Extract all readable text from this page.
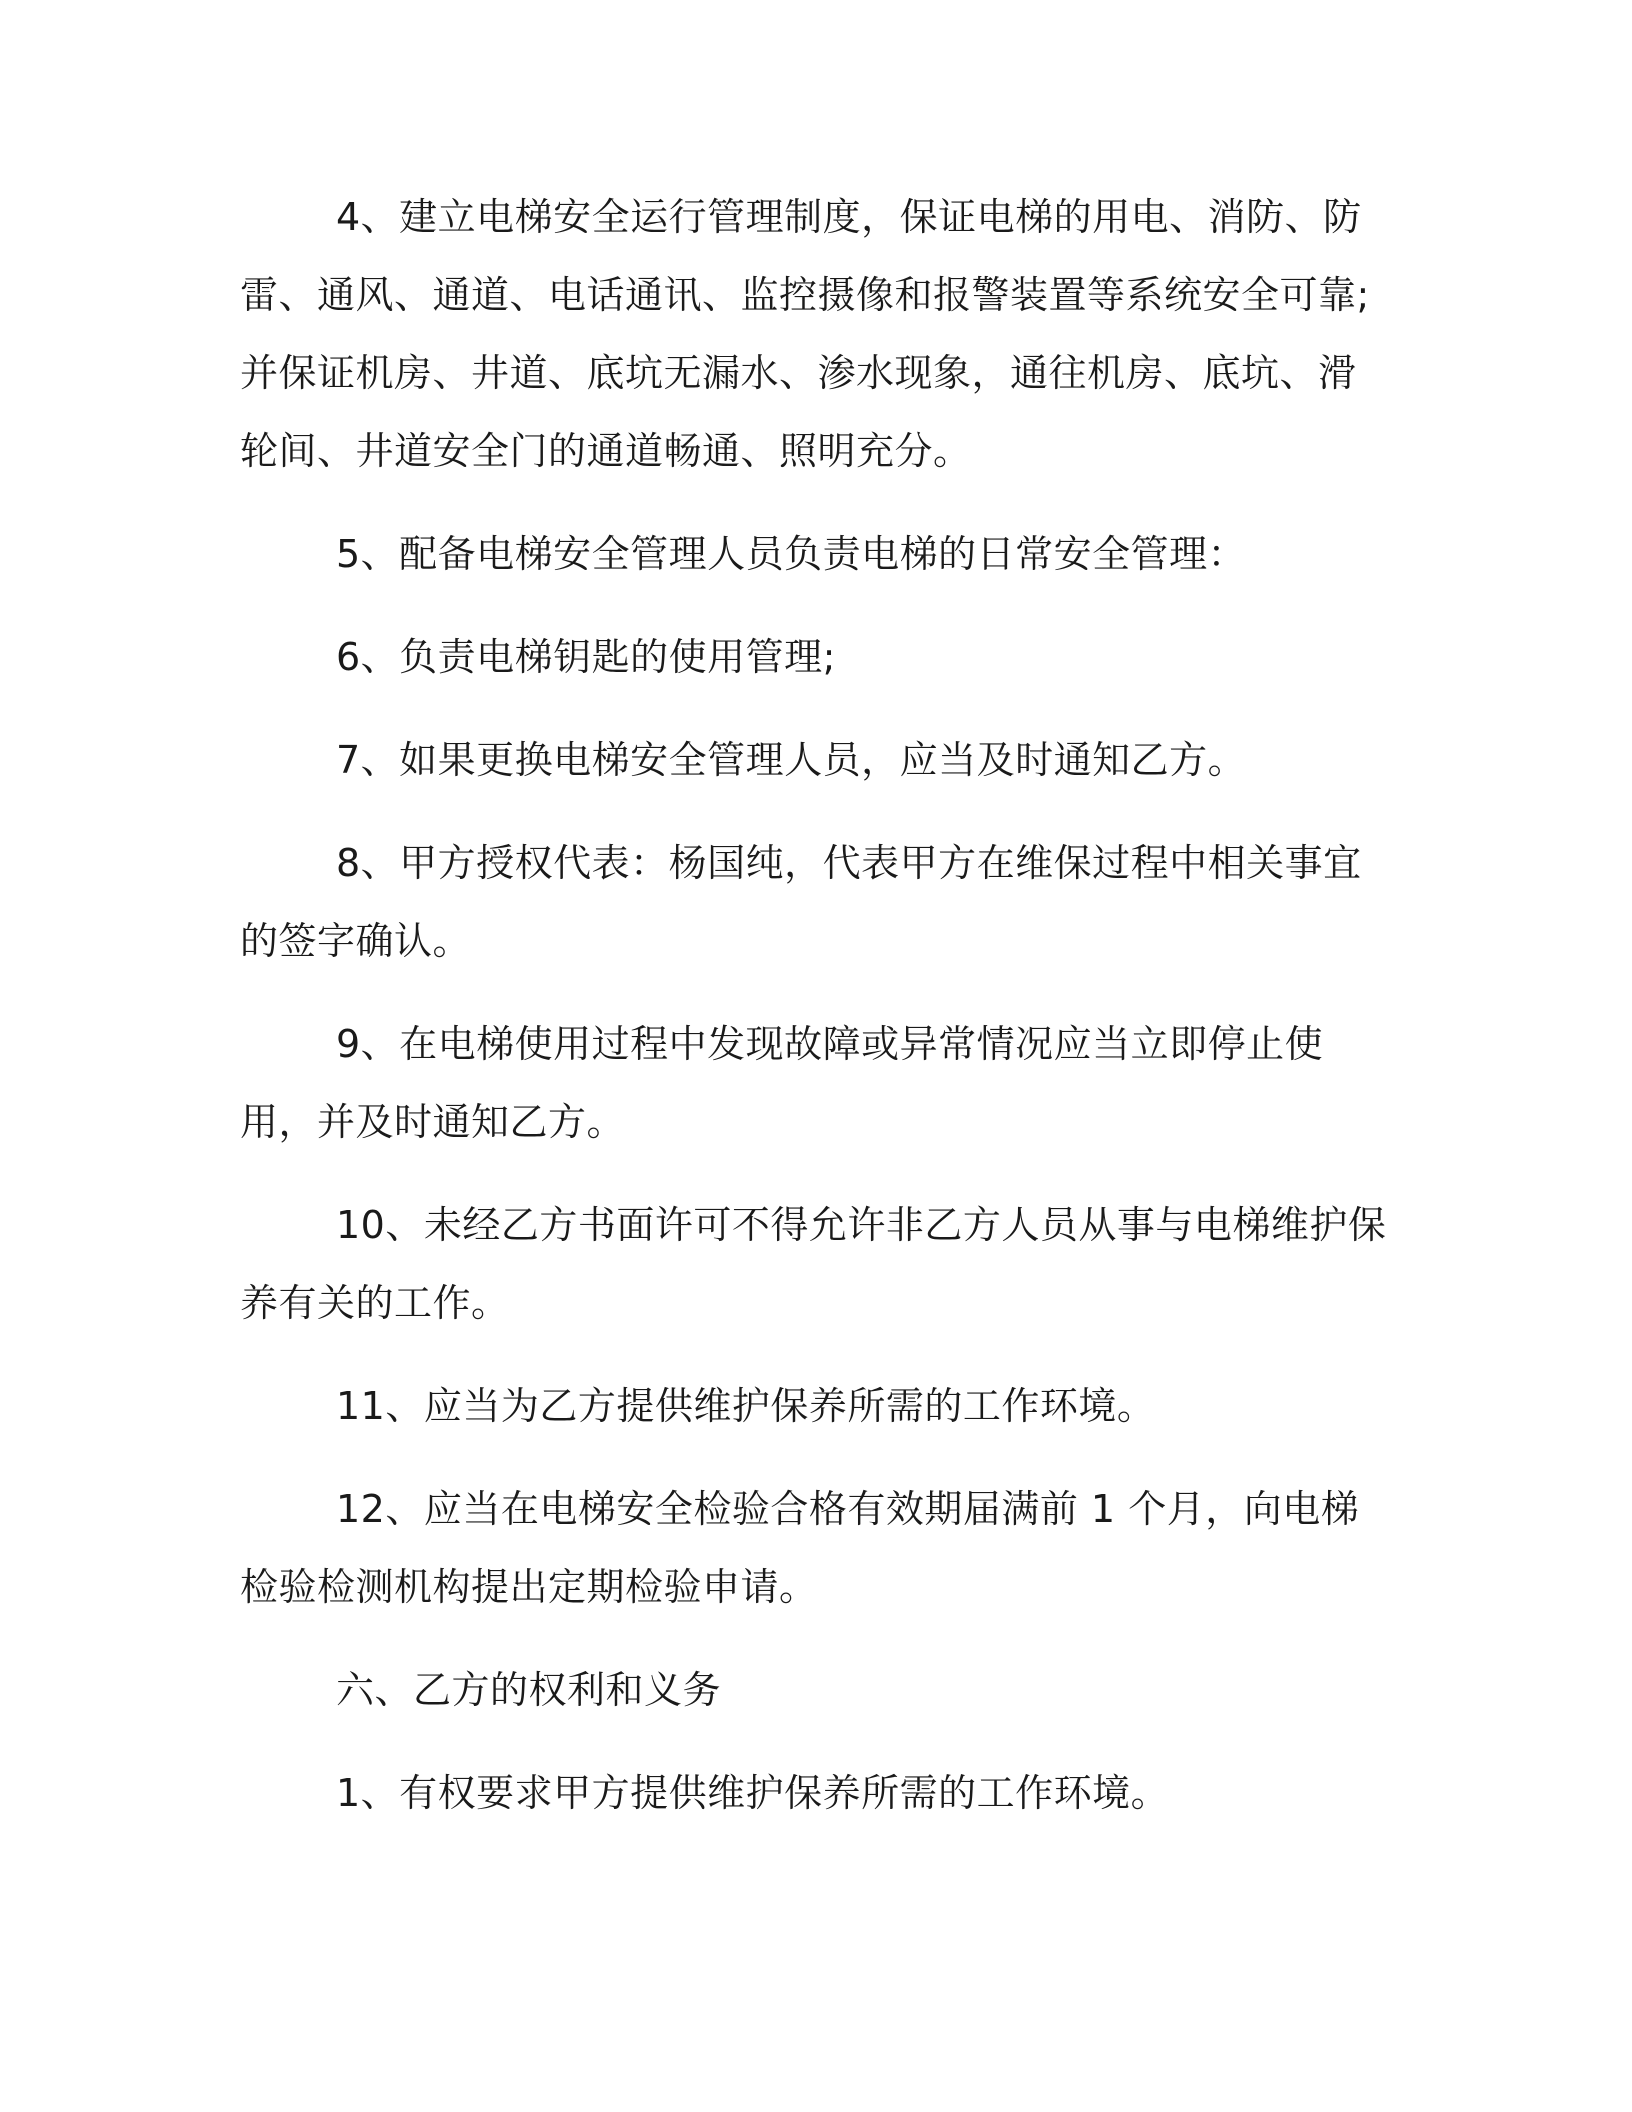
4、建立电梯安全运行管理制度，保证电梯的用电、消防、防雷、通风、通道、电话通讯、监控摄像和报警装置等系统安全可靠;并保证机房、井道、底坑无漏水、渗水现象，通往机房、底坑、滑轮间、井道安全门的通道畅通、照明充分。

5、配备电梯安全管理人员负责电梯的日常安全管理：

6、负责电梯钥匙的使用管理;

7、如果更换电梯安全管理人员，应当及时通知乙方。

8、甲方授权代表：杨国纯，代表甲方在维保过程中相关事宜的签字确认。

9、在电梯使用过程中发现故障或异常情况应当立即停止使用，并及时通知乙方。

10、未经乙方书面许可不得允许非乙方人员从事与电梯维护保养有关的工作。

11、应当为乙方提供维护保养所需的工作环境。

12、应当在电梯安全检验合格有效期届满前 1 个月，向电梯检验检测机构提出定期检验申请。

六、乙方的权利和义务

1、有权要求甲方提供维护保养所需的工作环境。
